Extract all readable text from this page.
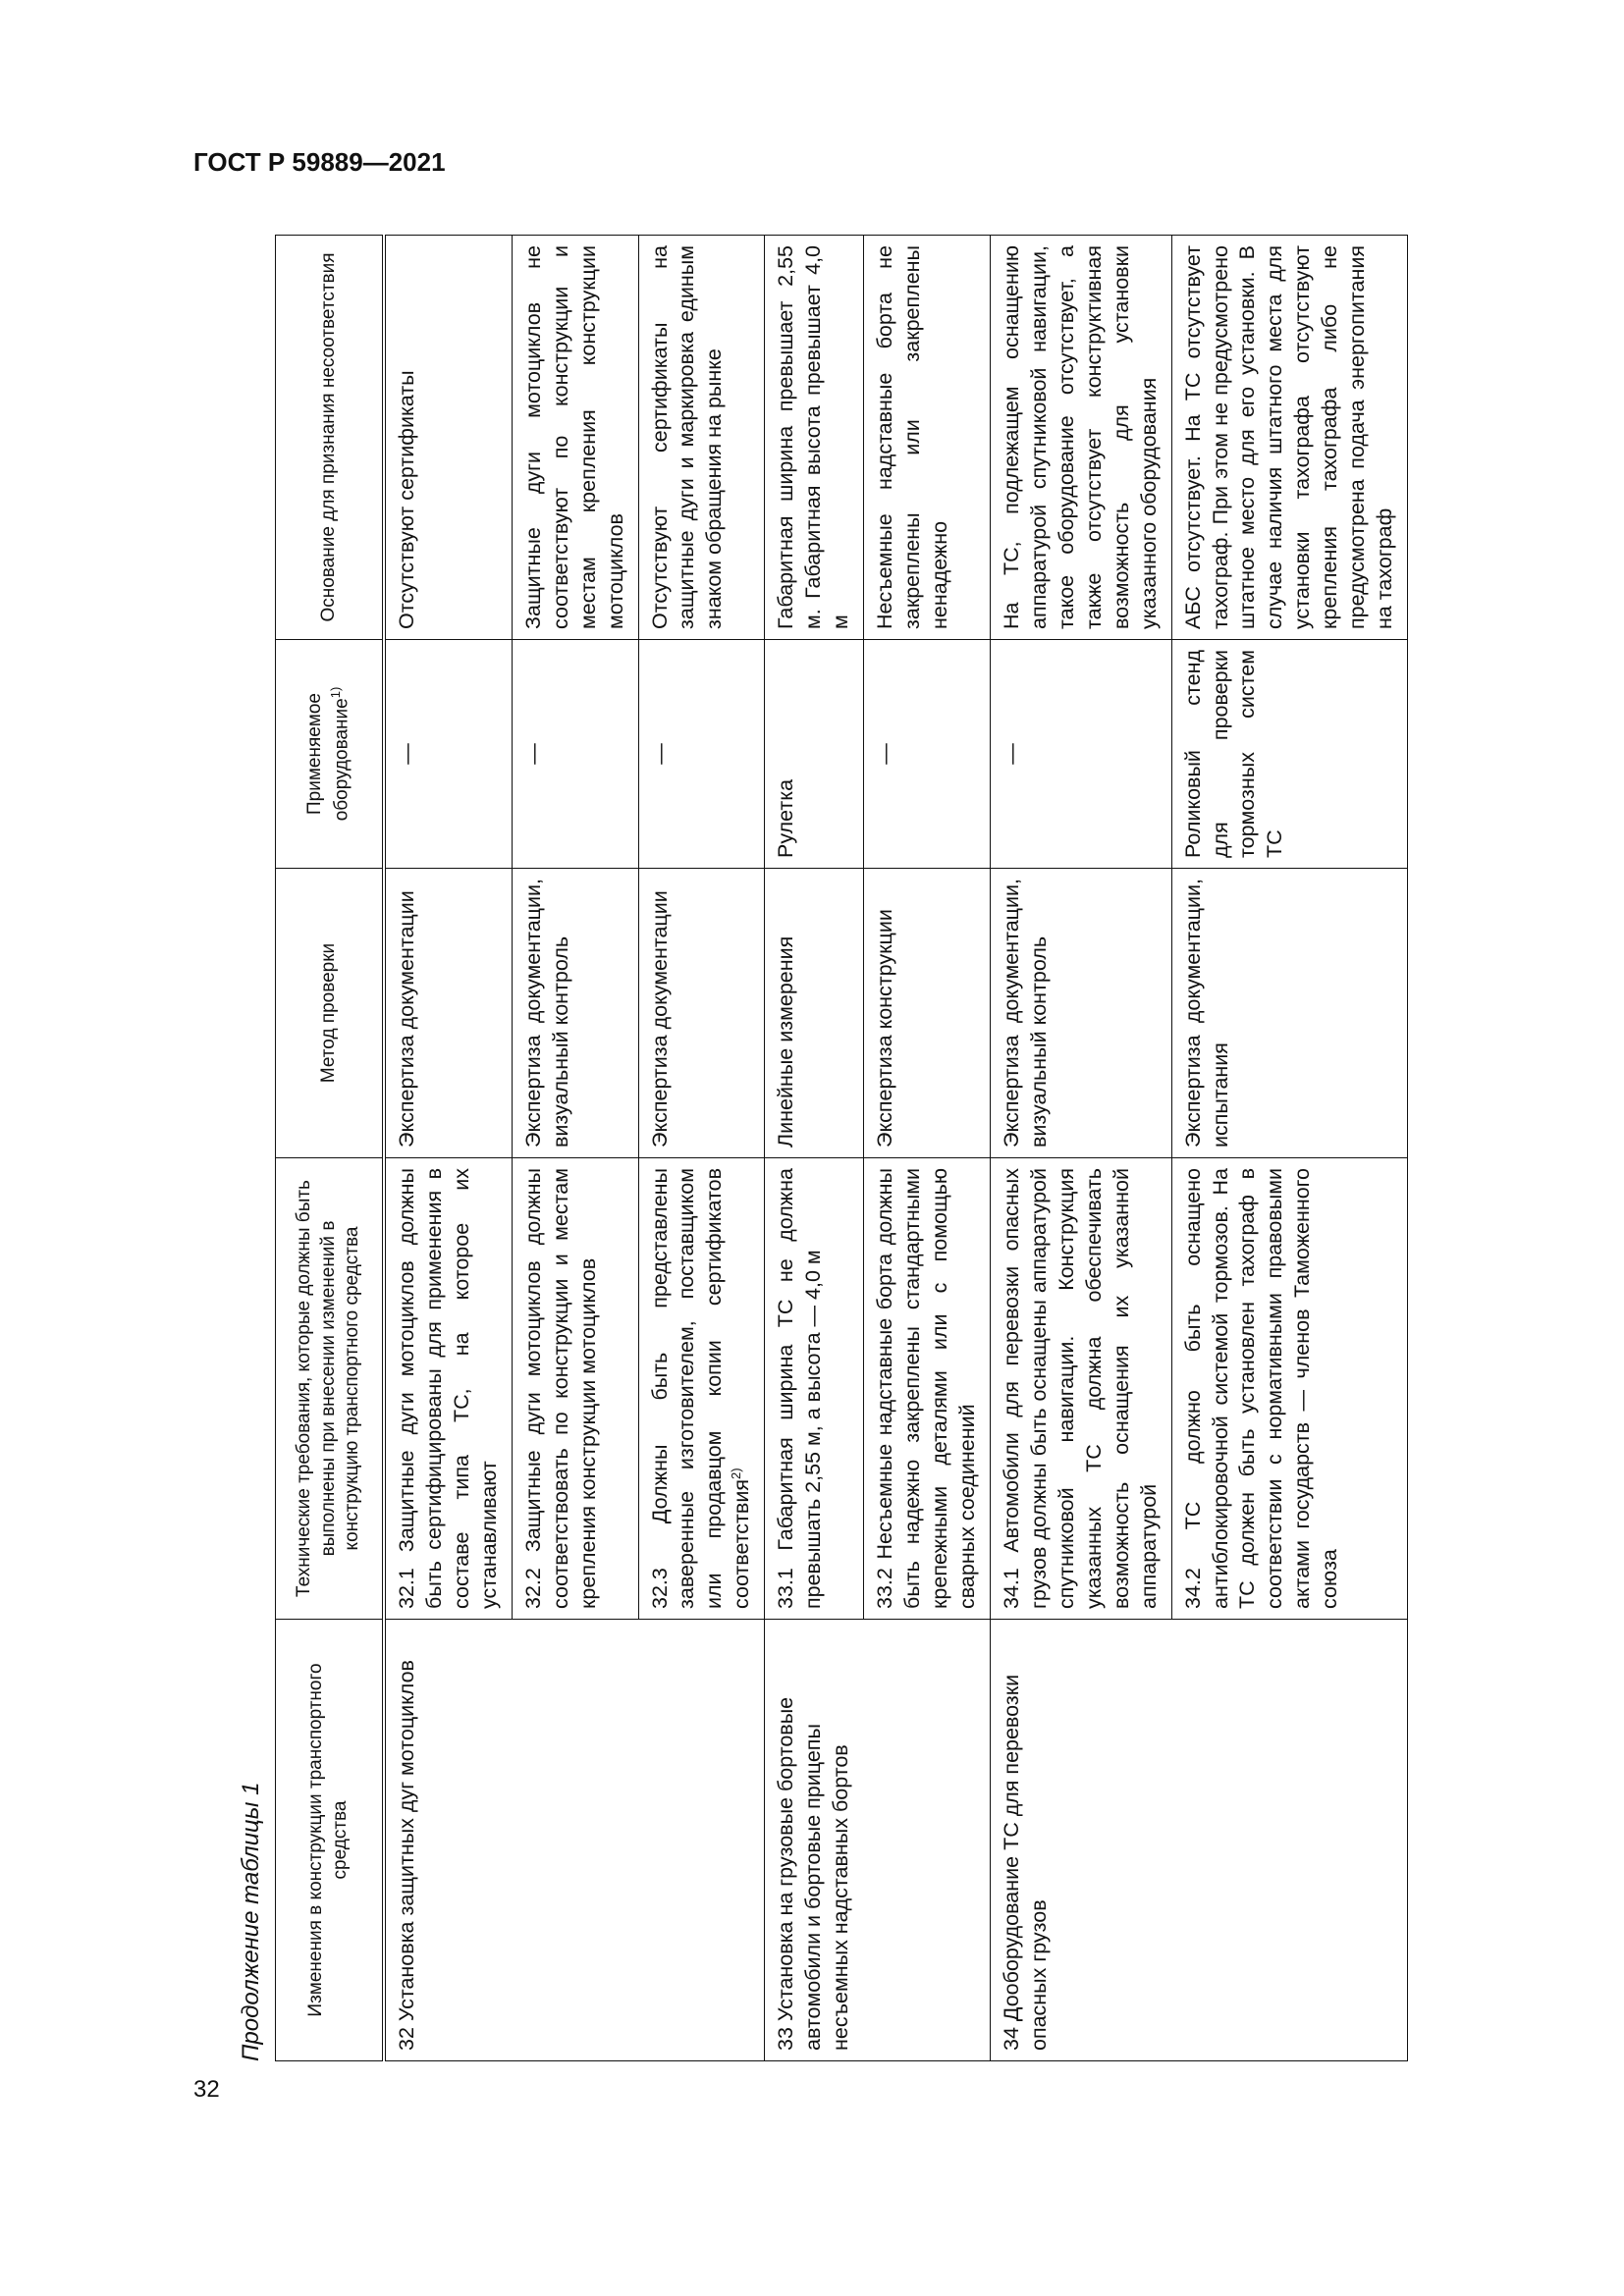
ГОСТ Р 59889—2021
32
Продолжение таблицы 1 Изменения в конструкции транспортного средства	Технические требования, которые должны быть выполнены при внесении изменений в конструкцию транспортного средства	Метод проверки	Применяемое оборудование$^{1)}$	Основание для признания несоответствия
32 Установка защитных дуг мотоциклов	32.1 Защитные дуги мотоциклов должны быть сертифицированы для применения в составе типа ТС, на которое их устанавливают	Экспертиза документации	—	Отсутствуют сертификаты
	32.2 Защитные дуги мотоциклов должны соответствовать по конструкции и местам крепления конструкции мотоциклов	Экспертиза документации, визуальный контроль	—	Защитные дуги мотоциклов не соответствуют по конструкции и местам крепления конструкции мотоциклов
	32.3 Должны быть представлены заверенные изготовителем, поставщиком или продавцом копии сертификатов соответствия$^{2)}$	Экспертиза документации	—	Отсутствуют сертификаты на защитные дуги и маркировка единым знаком обращения на рынке
33 Установка на грузовые бортовые автомобили и бортовые прицепы несъемных надставных бортов	33.1 Габаритная ширина ТС не должна превышать 2,55 м, а высота — 4,0 м	Линейные измерения	Рулетка	Габаритная ширина превышает 2,55 м. Габаритная высота превышает 4,0 м
	33.2 Несъемные надставные борта должны быть надежно закреплены стандартными крепежными деталями или с помощью сварных соединений	Экспертиза конструкции	—	Несъемные надставные борта не закреплены или закреплены ненадежно
34 Дооборудование ТС для перевозки опасных грузов	34.1 Автомобили для перевозки опасных грузов должны быть оснащены аппаратурой спутниковой навигации. Конструкция указанных ТС должна обеспечивать возможность оснащения их указанной аппаратурой	Экспертиза документации, визуальный контроль	—	На ТС, подлежащем оснащению аппаратурой спутниковой навигации, такое оборудование отсутствует, а также отсутствует конструктивная возможность для установки указанного оборудования
	34.2 ТС должно быть оснащено антиблокировочной системой тормозов. На ТС должен быть установлен тахограф в соответствии с нормативными правовыми актами государств — членов Таможенного союза	Экспертиза документации, испытания	Роликовый стенд для проверки тормозных систем ТС	АБС отсутствует. На ТС отсутствует тахограф. При этом не предусмотрено штатное место для его установки. В случае наличия штатного места для установки тахографа отсутствуют крепления тахографа либо не предусмотрена подача энергопитания на тахограф
